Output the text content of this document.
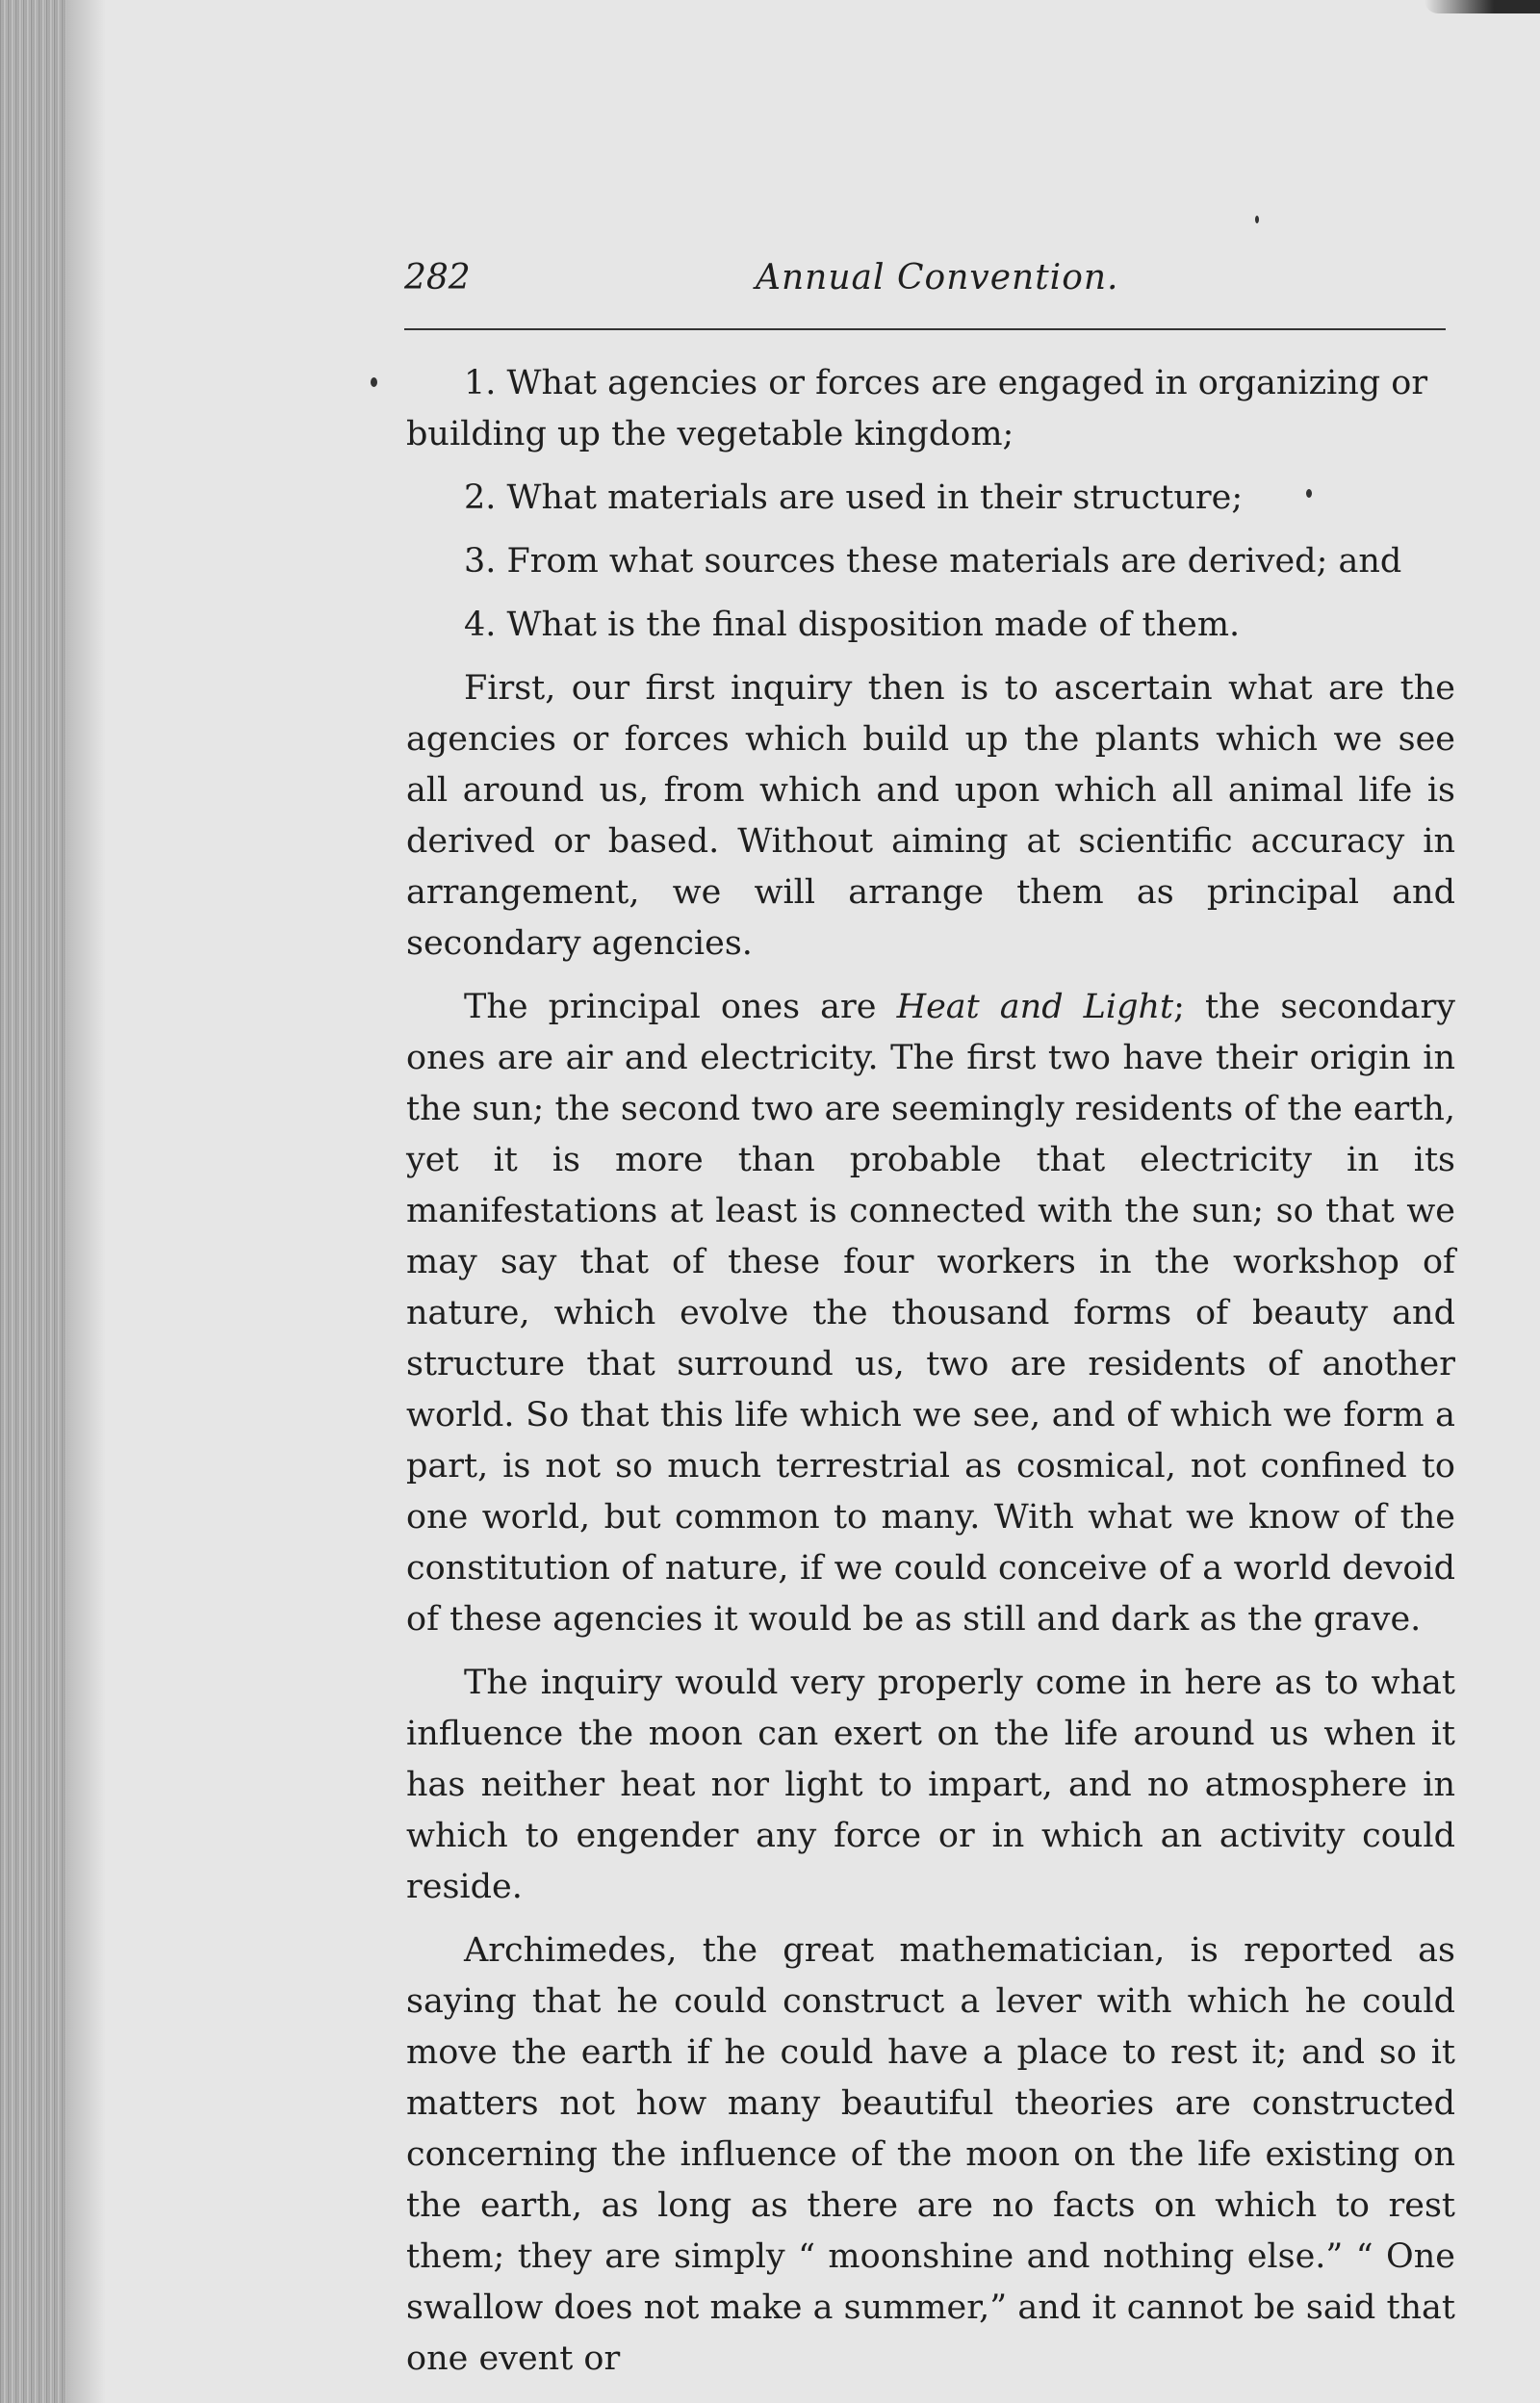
282	Annual Convention.

1. What agencies or forces are engaged in organizing or building up the vegetable kingdom;

2. What materials are used in their structure;

3. From what sources these materials are derived; and

4. What is the final disposition made of them.

First, our first inquiry then is to ascertain what are the agencies or forces which build up the plants which we see all around us, from which and upon which all animal life is derived or based. Without aiming at scientific accuracy in arrangement, we will arrange them as principal and secondary agencies.

The principal ones are Heat and Light; the secondary ones are air and electricity. The first two have their origin in the sun; the second two are seemingly residents of the earth, yet it is more than probable that electricity in its manifestations at least is connected with the sun; so that we may say that of these four workers in the workshop of nature, which evolve the thousand forms of beauty and structure that surround us, two are residents of another world. So that this life which we see, and of which we form a part, is not so much terrestrial as cosmical, not confined to one world, but common to many. With what we know of the constitution of nature, if we could conceive of a world devoid of these agencies it would be as still and dark as the grave.

The inquiry would very properly come in here as to what influence the moon can exert on the life around us when it has neither heat nor light to impart, and no atmosphere in which to engender any force or in which an activity could reside.

Archimedes, the great mathematician, is reported as saying that he could construct a lever with which he could move the earth if he could have a place to rest it; and so it matters not how many beautiful theories are constructed concerning the influence of the moon on the life existing on the earth, as long as there are no facts on which to rest them; they are simply “ moonshine and nothing else.” “ One swallow does not make a summer,” and it cannot be said that one event or
